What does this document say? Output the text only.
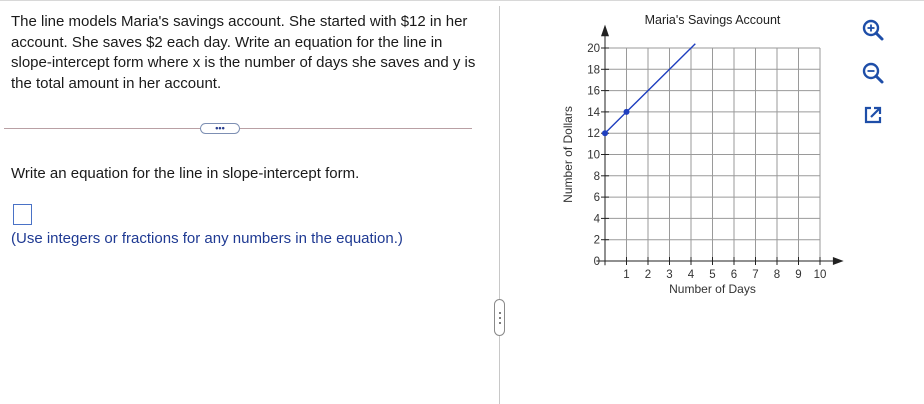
The line models Maria's savings account. She started with $12 in her account. She saves $2 each day. Write an equation for the line in slope-intercept form where x is the number of days she saves and y is the total amount in her account.

•••

Write an equation for the line in slope-intercept form.

(Use integers or fractions for any numbers in the equation.)

0
2
4
6
8
10
12
14
16
18
20
1 2 3 4 5 6 7 8 9 10
Maria's Savings Account
Number of Days
Number of Dollars
